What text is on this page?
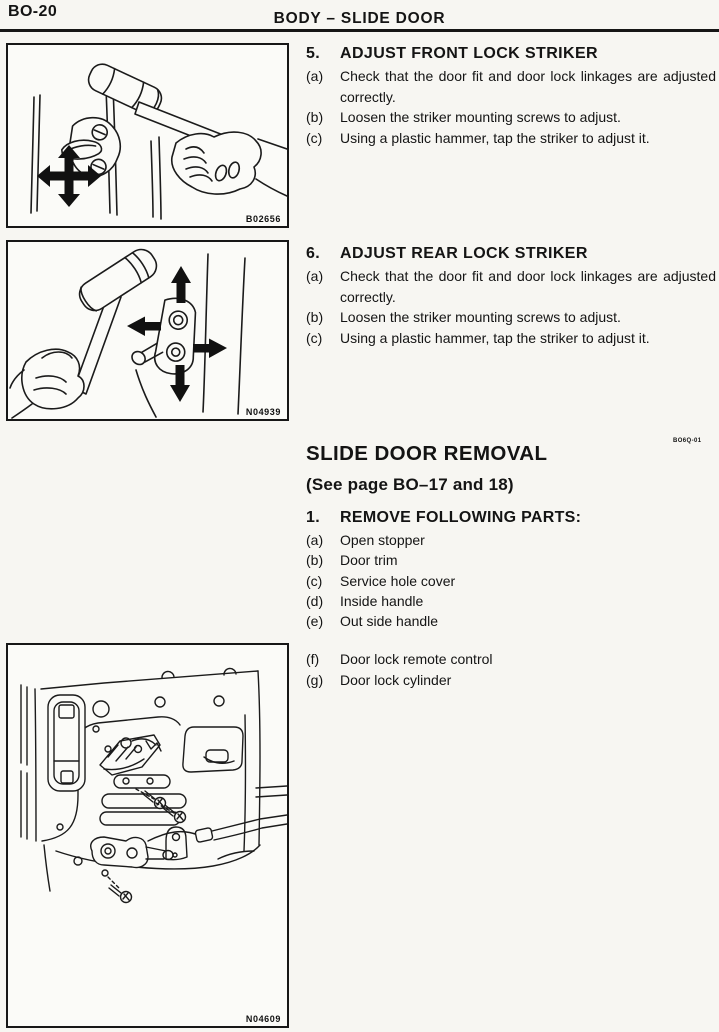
BO-20	BODY – SLIDE DOOR
B02656
N04939
N04609
5.	ADJUST FRONT LOCK STRIKER
(a)	Check that the door fit and door lock linkages are adjusted correctly.
(b)	Loosen the striker mounting screws to adjust.
(c)	Using a plastic hammer, tap the striker to adjust it.
6.	ADJUST REAR LOCK STRIKER
(a)	Check that the door fit and door lock linkages are adjusted correctly.
(b)	Loosen the striker mounting screws to adjust.
(c)	Using a plastic hammer, tap the striker to adjust it.
BO6Q-01
SLIDE DOOR REMOVAL
(See page BO–17 and 18)
1.	REMOVE FOLLOWING PARTS:
(a)	Open stopper
(b)	Door trim
(c)	Service hole cover
(d)	Inside handle
(e)	Out side handle
(f)	Door lock remote control
(g)	Door lock cylinder
